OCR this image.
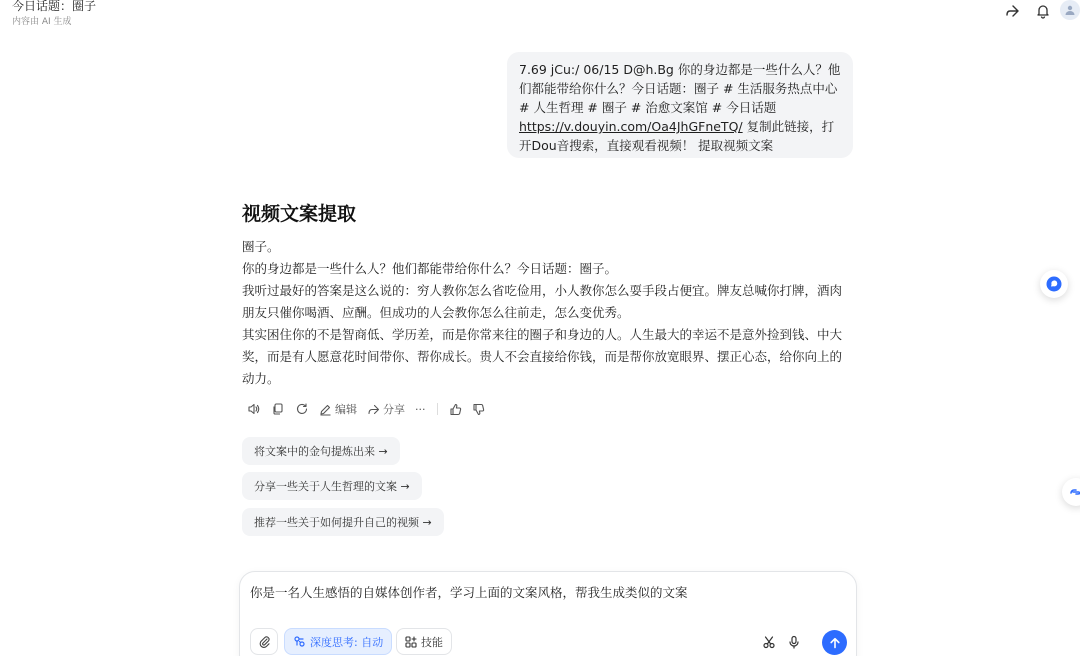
今日话题：圈子
内容由 AI 生成
7.69 jCu:/ 06/15 D@h.Bg 你的身边都是一些什么人？他们都能带给你什么？今日话题：圈子 # 生活服务热点中心 # 人生哲理 # 圈子 # 治愈文案馆 # 今日话题 https://v.douyin.com/Oa4JhGFneTQ/ 复制此链接，打开Dou音搜索，直接观看视频！ 提取视频文案
视频文案提取

圈子。

你的身边都是一些什么人？他们都能带给你什么？今日话题：圈子。

我听过最好的答案是这么说的：穷人教你怎么省吃俭用，小人教你怎么耍手段占便宜。牌友总喊你打牌，酒肉朋友只催你喝酒、应酬。但成功的人会教你怎么往前走，怎么变优秀。

其实困住你的不是智商低、学历差，而是你常来往的圈子和身边的人。人生最大的幸运不是意外捡到钱、中大奖，而是有人愿意花时间带你、帮你成长。贵人不会直接给你钱，而是帮你放宽眼界、摆正心态，给你向上的动力。

编辑 分享 ···
将文案中的金句提炼出来 →
分享一些关于人生哲理的文案 →
推荐一些关于如何提升自己的视频 →
你是一名人生感悟的自媒体创作者，学习上面的文案风格，帮我生成类似的文案
深度思考: 自动	技能
